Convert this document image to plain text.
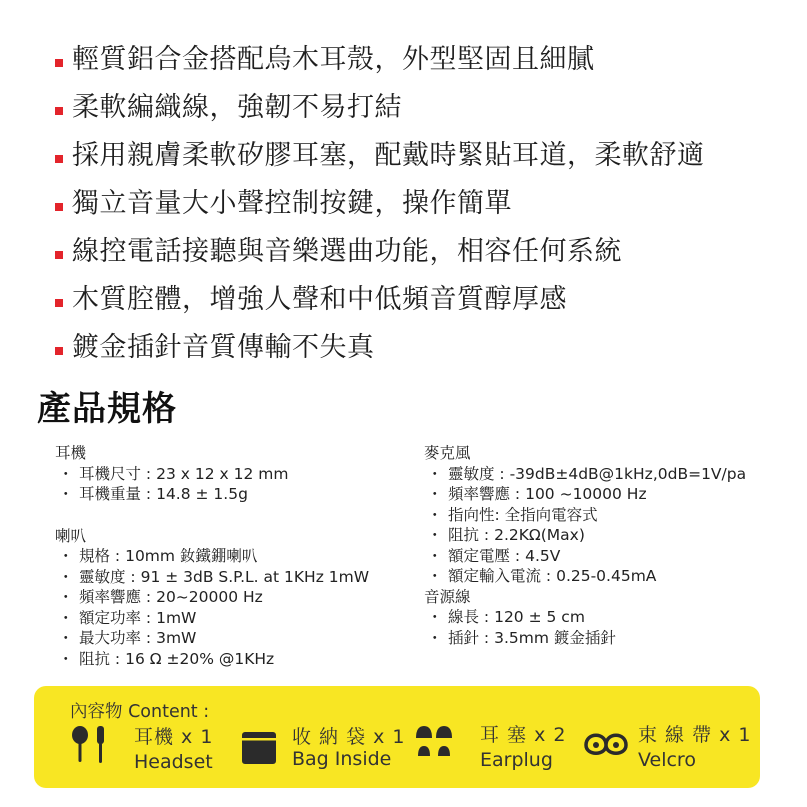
輕質鋁合金搭配烏木耳殼，外型堅固且細膩
柔軟編織線，強韌不易打結
採用親膚柔軟矽膠耳塞，配戴時緊貼耳道，柔軟舒適
獨立音量大小聲控制按鍵，操作簡單
線控電話接聽與音樂選曲功能，相容任何系統
木質腔體，增強人聲和中低頻音質醇厚感
鍍金插針音質傳輸不失真
產品規格
耳機
・ 耳機尺寸 : 23 x 12 x 12 mm
・ 耳機重量 : 14.8 ± 1.5g
喇叭
・ 規格 : 10mm 釹鐵錋喇叭
・ 靈敏度 : 91 ± 3dB S.P.L. at 1KHz 1mW
・ 頻率響應 : 20~20000 Hz
・ 額定功率 : 1mW
・ 最大功率 : 3mW
・ 阻抗 : 16 Ω ±20% @1KHz
麥克風
・ 靈敏度 : -39dB±4dB@1kHz,0dB=1V/pa
・ 頻率響應 : 100 ~10000 Hz
・ 指向性: 全指向電容式
・ 阻抗 : 2.2KΩ(Max)
・ 額定電壓 : 4.5V
・ 額定輸入電流 : 0.25-0.45mA
音源線
・ 線長 : 120 ± 5 cm
・ 插針 : 3.5mm 鍍金插針
內容物 Content :
耳機 x 1
Headset
收 納 袋 x 1
Bag Inside
耳 塞 x 2
Earplug
束 線 帶 x 1
Velcro
